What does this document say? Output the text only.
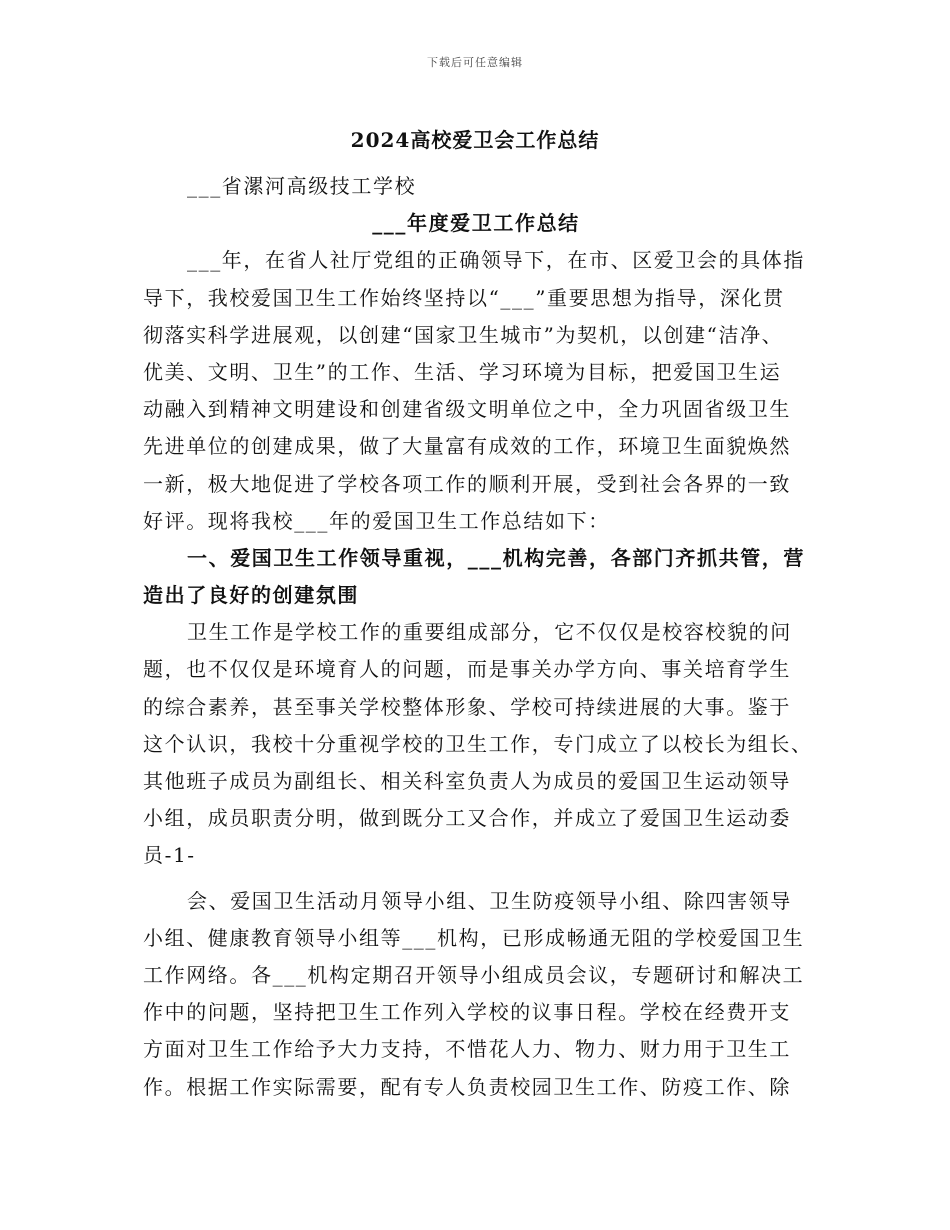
下载后可任意编辑
2024高校爱卫会工作总结
___省漯河高级技工学校
___年度爱卫工作总结
___年，在省人社厅党组的正确领导下，在市、区爱卫会的具体指
导下，我校爱国卫生工作始终坚持以“___”重要思想为指导，深化贯
彻落实科学进展观，以创建“国家卫生城市”为契机，以创建“洁净、
优美、文明、卫生”的工作、生活、学习环境为目标，把爱国卫生运
动融入到精神文明建设和创建省级文明单位之中，全力巩固省级卫生
先进单位的创建成果，做了大量富有成效的工作，环境卫生面貌焕然
一新，极大地促进了学校各项工作的顺利开展，受到社会各界的一致
好评。现将我校___年的爱国卫生工作总结如下：
一、爱国卫生工作领导重视，___机构完善，各部门齐抓共管，营
造出了良好的创建氛围
卫生工作是学校工作的重要组成部分，它不仅仅是校容校貌的问
题，也不仅仅是环境育人的问题，而是事关办学方向、事关培育学生
的综合素养，甚至事关学校整体形象、学校可持续进展的大事。鉴于
这个认识，我校十分重视学校的卫生工作，专门成立了以校长为组长、
其他班子成员为副组长、相关科室负责人为成员的爱国卫生运动领导
小组，成员职责分明，做到既分工又合作，并成立了爱国卫生运动委
员-1-
会、爱国卫生活动月领导小组、卫生防疫领导小组、除四害领导
小组、健康教育领导小组等___机构，已形成畅通无阻的学校爱国卫生
工作网络。各___机构定期召开领导小组成员会议，专题研讨和解决工
作中的问题，坚持把卫生工作列入学校的议事日程。学校在经费开支
方面对卫生工作给予大力支持，不惜花人力、物力、财力用于卫生工
作。根据工作实际需要，配有专人负责校园卫生工作、防疫工作、除
